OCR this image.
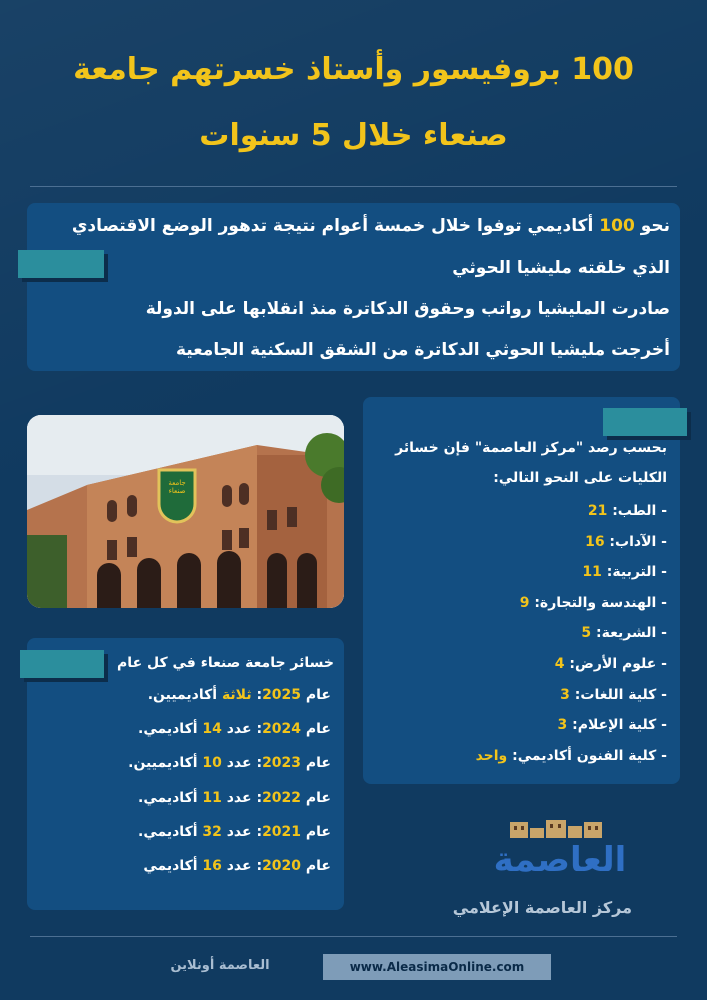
100 بروفيسور وأستاذ خسرتهم جامعة
صنعاء خلال 5 سنوات
نحو 100 أكاديمي توفوا خلال خمسة أعوام نتيجة تدهور الوضع الاقتصادي
الذي خلقته مليشيا الحوثي
صادرت المليشيا رواتب وحقوق الدكاترة منذ انقلابها على الدولة
أخرجت مليشيا الحوثي الدكاترة من الشقق السكنية الجامعية
جامعة صنعاء
بحسب رصد "مركز العاصمة" فإن خسائر
الكليات على النحو التالي:
- الطب: 21
- الآداب: 16
- التربية: 11
- الهندسة والتجارة: 9
- الشريعة: 5
- علوم الأرض: 4
- كلية اللغات: 3
- كلية الإعلام: 3
- كلية الفنون أكاديمي: واحد
خسائر جامعة صنعاء في كل عام
عام 2025: ثلاثة أكاديميين.
عام 2024: عدد 14 أكاديمي.
عام 2023: عدد 10 أكاديميين.
عام 2022: عدد 11 أكاديمي.
عام 2021: عدد 32 أكاديمي.
عام 2020: عدد 16 أكاديمي	العاصمة
مركز العاصمة الإعلامي
العاصمة أونلاين	www.AleasimaOnline.com
